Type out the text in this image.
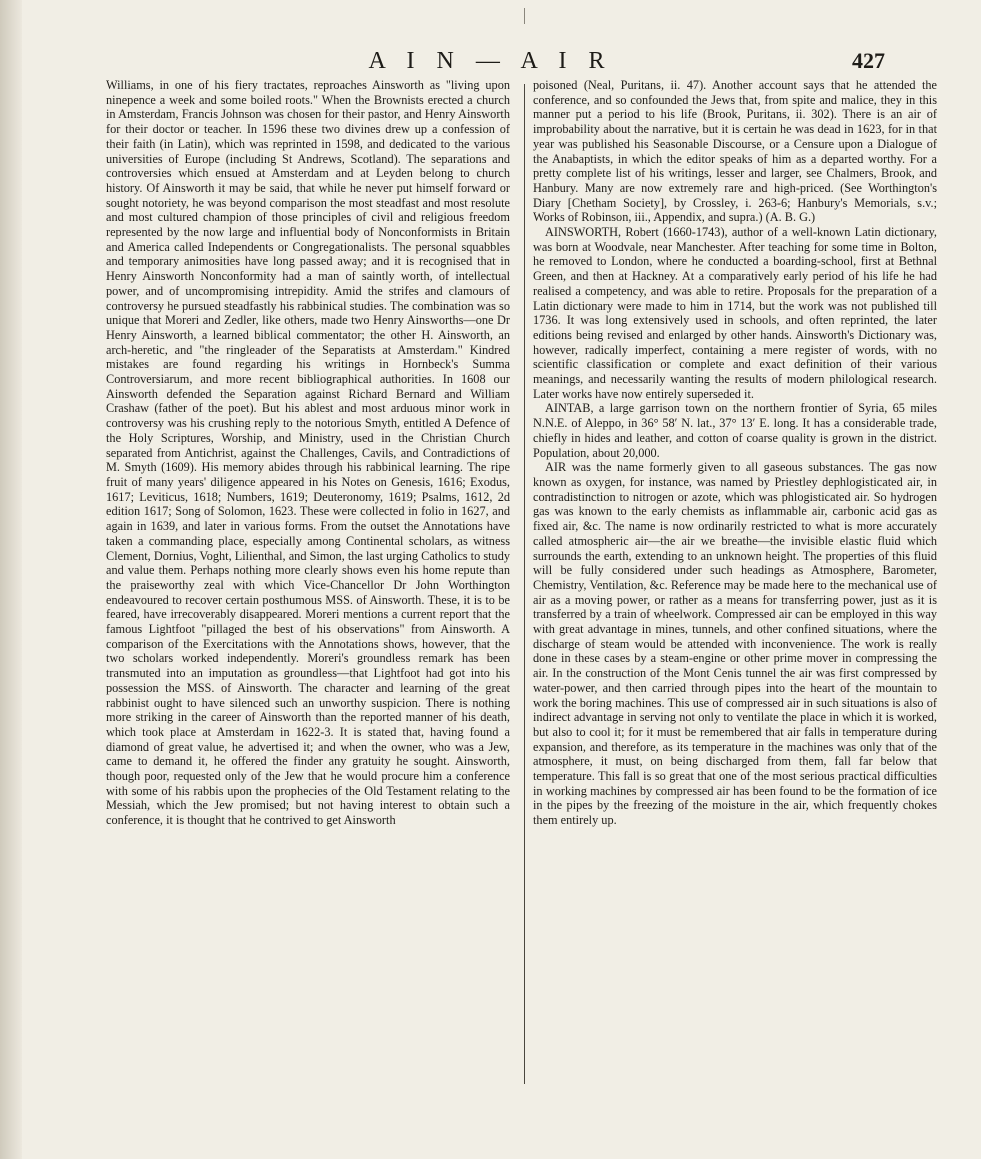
A I N — A I R	427

Williams, in one of his fiery tractates, reproaches Ainsworth as "living upon ninepence a week and some boiled roots." When the Brownists erected a church in Amsterdam, Francis Johnson was chosen for their pastor, and Henry Ainsworth for their doctor or teacher. In 1596 these two divines drew up a confession of their faith (in Latin), which was reprinted in 1598, and dedicated to the various universities of Europe (including St Andrews, Scotland). The separations and controversies which ensued at Amsterdam and at Leyden belong to church history. Of Ainsworth it may be said, that while he never put himself forward or sought notoriety, he was beyond comparison the most steadfast and most resolute and most cultured champion of those principles of civil and religious freedom represented by the now large and influential body of Nonconformists in Britain and America called Independents or Congregationalists. The personal squabbles and temporary animosities have long passed away; and it is recognised that in Henry Ainsworth Nonconformity had a man of saintly worth, of intellectual power, and of uncompromising intrepidity. Amid the strifes and clamours of controversy he pursued steadfastly his rabbinical studies. The combination was so unique that Moreri and Zedler, like others, made two Henry Ainsworths—one Dr Henry Ainsworth, a learned biblical commentator; the other H. Ainsworth, an arch-heretic, and "the ringleader of the Separatists at Amsterdam." Kindred mistakes are found regarding his writings in Hornbeck's Summa Controversiarum, and more recent bibliographical authorities. In 1608 our Ainsworth defended the Separation against Richard Bernard and William Crashaw (father of the poet). But his ablest and most arduous minor work in controversy was his crushing reply to the notorious Smyth, entitled A Defence of the Holy Scriptures, Worship, and Ministry, used in the Christian Church separated from Antichrist, against the Challenges, Cavils, and Contradictions of M. Smyth (1609). His memory abides through his rabbinical learning. The ripe fruit of many years' diligence appeared in his Notes on Genesis, 1616; Exodus, 1617; Leviticus, 1618; Numbers, 1619; Deuteronomy, 1619; Psalms, 1612, 2d edition 1617; Song of Solomon, 1623. These were collected in folio in 1627, and again in 1639, and later in various forms. From the outset the Annotations have taken a commanding place, especially among Continental scholars, as witness Clement, Dornius, Voght, Lilienthal, and Simon, the last urging Catholics to study and value them. Perhaps nothing more clearly shows even his home repute than the praiseworthy zeal with which Vice-Chancellor Dr John Worthington endeavoured to recover certain posthumous MSS. of Ainsworth. These, it is to be feared, have irrecoverably disappeared. Moreri mentions a current report that the famous Lightfoot "pillaged the best of his observations" from Ainsworth. A comparison of the Exercitations with the Annotations shows, however, that the two scholars worked independently. Moreri's groundless remark has been transmuted into an imputation as groundless—that Lightfoot had got into his possession the MSS. of Ainsworth. The character and learning of the great rabbinist ought to have silenced such an unworthy suspicion. There is nothing more striking in the career of Ainsworth than the reported manner of his death, which took place at Amsterdam in 1622-3. It is stated that, having found a diamond of great value, he advertised it; and when the owner, who was a Jew, came to demand it, he offered the finder any gratuity he sought. Ainsworth, though poor, requested only of the Jew that he would procure him a conference with some of his rabbis upon the prophecies of the Old Testament relating to the Messiah, which the Jew promised; but not having interest to obtain such a conference, it is thought that he contrived to get Ainsworth

poisoned (Neal, Puritans, ii. 47). Another account says that he attended the conference, and so confounded the Jews that, from spite and malice, they in this manner put a period to his life (Brook, Puritans, ii. 302). There is an air of improbability about the narrative, but it is certain he was dead in 1623, for in that year was published his Seasonable Discourse, or a Censure upon a Dialogue of the Anabaptists, in which the editor speaks of him as a departed worthy. For a pretty complete list of his writings, lesser and larger, see Chalmers, Brook, and Hanbury. Many are now extremely rare and high-priced. (See Worthington's Diary [Chetham Society], by Crossley, i. 263-6; Hanbury's Memorials, s.v.; Works of Robinson, iii., Appendix, and supra.) (A. B. G.)

AINSWORTH, Robert (1660-1743), author of a well-known Latin dictionary, was born at Woodvale, near Manchester. After teaching for some time in Bolton, he removed to London, where he conducted a boarding-school, first at Bethnal Green, and then at Hackney. At a comparatively early period of his life he had realised a competency, and was able to retire. Proposals for the preparation of a Latin dictionary were made to him in 1714, but the work was not published till 1736. It was long extensively used in schools, and often reprinted, the later editions being revised and enlarged by other hands. Ainsworth's Dictionary was, however, radically imperfect, containing a mere register of words, with no scientific classification or complete and exact definition of their various meanings, and necessarily wanting the results of modern philological research. Later works have now entirely superseded it.

AINTAB, a large garrison town on the northern frontier of Syria, 65 miles N.N.E. of Aleppo, in 36° 58′ N. lat., 37° 13′ E. long. It has a considerable trade, chiefly in hides and leather, and cotton of coarse quality is grown in the district. Population, about 20,000.

AIR was the name formerly given to all gaseous substances. The gas now known as oxygen, for instance, was named by Priestley dephlogisticated air, in contradistinction to nitrogen or azote, which was phlogisticated air. So hydrogen gas was known to the early chemists as inflammable air, carbonic acid gas as fixed air, &c. The name is now ordinarily restricted to what is more accurately called atmospheric air—the air we breathe—the invisible elastic fluid which surrounds the earth, extending to an unknown height. The properties of this fluid will be fully considered under such headings as Atmosphere, Barometer, Chemistry, Ventilation, &c. Reference may be made here to the mechanical use of air as a moving power, or rather as a means for transferring power, just as it is transferred by a train of wheelwork. Compressed air can be employed in this way with great advantage in mines, tunnels, and other confined situations, where the discharge of steam would be attended with inconvenience. The work is really done in these cases by a steam-engine or other prime mover in compressing the air. In the construction of the Mont Cenis tunnel the air was first compressed by water-power, and then carried through pipes into the heart of the mountain to work the boring machines. This use of compressed air in such situations is also of indirect advantage in serving not only to ventilate the place in which it is worked, but also to cool it; for it must be remembered that air falls in temperature during expansion, and therefore, as its temperature in the machines was only that of the atmosphere, it must, on being discharged from them, fall far below that temperature. This fall is so great that one of the most serious practical difficulties in working machines by compressed air has been found to be the formation of ice in the pipes by the freezing of the moisture in the air, which frequently chokes them entirely up.
